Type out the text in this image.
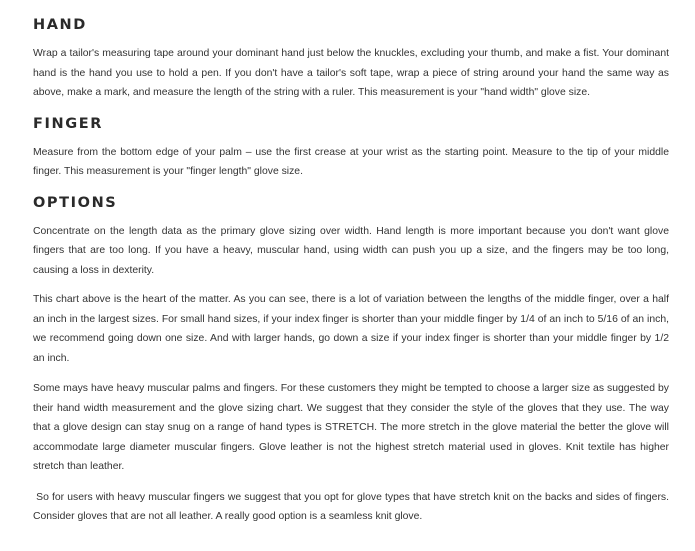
HAND

Wrap a tailor's measuring tape around your dominant hand just below the knuckles, excluding your thumb, and make a fist. Your dominant hand is the hand you use to hold a pen. If you don't have a tailor's soft tape, wrap a piece of string around your hand the same way as above, make a mark, and measure the length of the string with a ruler. This measurement is your "hand width" glove size.

FINGER

Measure from the bottom edge of your palm – use the first crease at your wrist as the starting point. Measure to the tip of your middle finger. This measurement is your "finger length" glove size.

OPTIONS

Concentrate on the length data as the primary glove sizing over width. Hand length is more important because you don't want glove fingers that are too long. If you have a heavy, muscular hand, using width can push you up a size, and the fingers may be too long, causing a loss in dexterity.

This chart above is the heart of the matter. As you can see, there is a lot of variation between the lengths of the middle finger, over a half an inch in the largest sizes. For small hand sizes, if your index finger is shorter than your middle finger by 1/4 of an inch to 5/16 of an inch, we recommend going down one size. And with larger hands, go down a size if your index finger is shorter than your middle finger by 1/2 an inch.

Some mays have heavy muscular palms and fingers. For these customers they might be tempted to choose a larger size as suggested by their hand width measurement and the glove sizing chart. We suggest that they consider the style of the gloves that they use. The way that a glove design can stay snug on a range of hand types is STRETCH. The more stretch in the glove material the better the glove will accommodate large diameter muscular fingers. Glove leather is not the highest stretch material used in gloves. Knit textile has higher stretch than leather.

So for users with heavy muscular fingers we suggest that you opt for glove types that have stretch knit on the backs and sides of fingers. Consider gloves that are not all leather. A really good option is a seamless knit glove.
